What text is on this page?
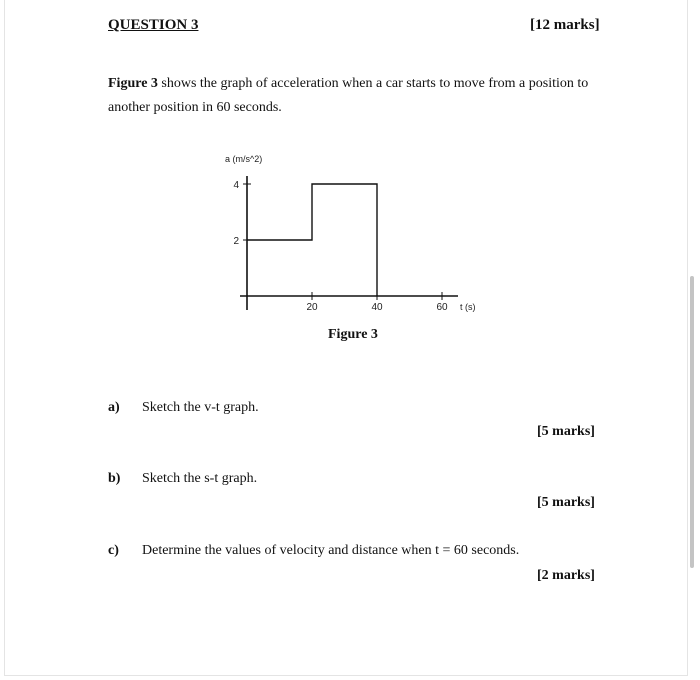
QUESTION 3	[12 marks]
Figure 3 shows the graph of acceleration when a car starts to move from a position to
another position in 60 seconds.
t (s)
a (m/s^2)
20	40	60
2
4
Figure 3
a) Sketch the v-t graph.
[5 marks]
b) Sketch the s-t graph.
[5 marks]
c) Determine the values of velocity and distance when t = 60 seconds.
[2 marks]
